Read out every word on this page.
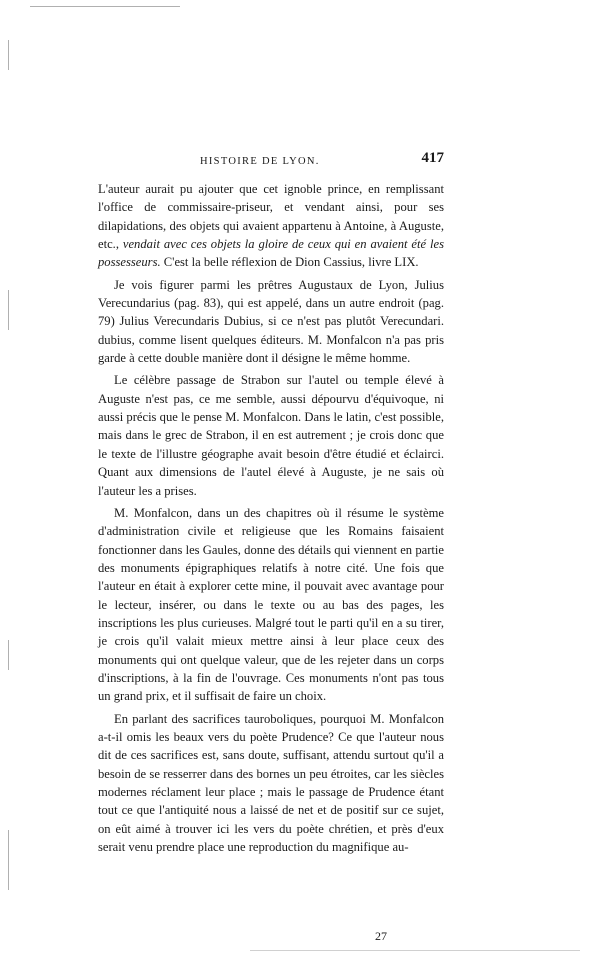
HISTOIRE DE LYON.	417

L'auteur aurait pu ajouter que cet ignoble prince, en remplissant l'office de commissaire-priseur, et vendant ainsi, pour ses dilapidations, des objets qui avaient appartenu à Antoine, à Auguste, etc., vendait avec ces objets la gloire de ceux qui en avaient été les possesseurs. C'est la belle réflexion de Dion Cassius, livre LIX.

Je vois figurer parmi les prêtres Augustaux de Lyon, Julius Verecundarius (pag. 83), qui est appelé, dans un autre endroit (pag. 79) Julius Verecundaris Dubius, si ce n'est pas plutôt Verecundari. dubius, comme lisent quelques éditeurs. M. Monfalcon n'a pas pris garde à cette double manière dont il désigne le même homme.

Le célèbre passage de Strabon sur l'autel ou temple élevé à Auguste n'est pas, ce me semble, aussi dépourvu d'équivoque, ni aussi précis que le pense M. Monfalcon. Dans le latin, c'est possible, mais dans le grec de Strabon, il en est autrement ; je crois donc que le texte de l'illustre géographe avait besoin d'être étudié et éclairci. Quant aux dimensions de l'autel élevé à Auguste, je ne sais où l'auteur les a prises.

M. Monfalcon, dans un des chapitres où il résume le système d'administration civile et religieuse que les Romains faisaient fonctionner dans les Gaules, donne des détails qui viennent en partie des monuments épigraphiques relatifs à notre cité. Une fois que l'auteur en était à explorer cette mine, il pouvait avec avantage pour le lecteur, insérer, ou dans le texte ou au bas des pages, les inscriptions les plus curieuses. Malgré tout le parti qu'il en a su tirer, je crois qu'il valait mieux mettre ainsi à leur place ceux des monuments qui ont quelque valeur, que de les rejeter dans un corps d'inscriptions, à la fin de l'ouvrage. Ces monuments n'ont pas tous un grand prix, et il suffisait de faire un choix.

En parlant des sacrifices tauroboliques, pourquoi M. Monfalcon a-t-il omis les beaux vers du poète Prudence? Ce que l'auteur nous dit de ces sacrifices est, sans doute, suffisant, attendu surtout qu'il a besoin de se resserrer dans des bornes un peu étroites, car les siècles modernes réclament leur place ; mais le passage de Prudence étant tout ce que l'antiquité nous a laissé de net et de positif sur ce sujet, on eût aimé à trouver ici les vers du poète chrétien, et près d'eux serait venu prendre place une reproduction du magnifique au-

27
